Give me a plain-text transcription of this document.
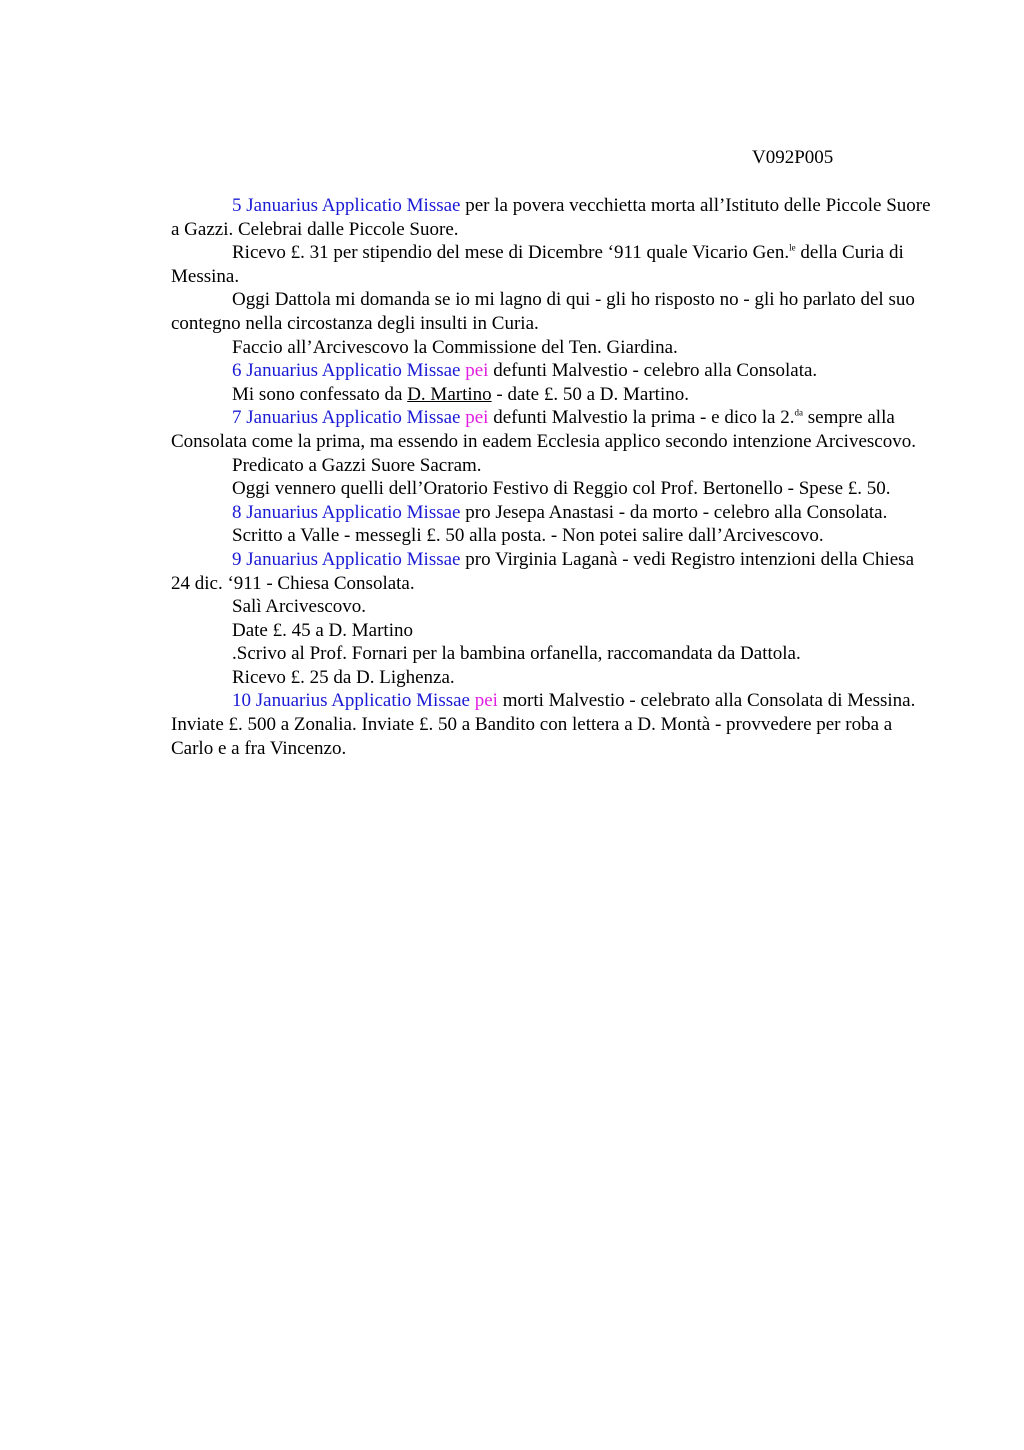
V092P005

5 Januarius Applicatio Missae per la povera vecchietta morta all’Istituto delle Piccole Suore a Gazzi. Celebrai dalle Piccole Suore.

Ricevo £. 31 per stipendio del mese di Dicembre ‘911 quale Vicario Gen.$^{le}$ della Curia di Messina.

Oggi Dattola mi domanda se io mi lagno di qui - gli ho risposto no - gli ho parlato del suo contegno nella circostanza degli insulti in Curia.

Faccio all’Arcivescovo la Commissione del Ten. Giardina.

6 Januarius Applicatio Missae pei defunti Malvestio - celebro alla Consolata.

Mi sono confessato da D. Martino - date £. 50 a D. Martino.

7 Januarius Applicatio Missae pei defunti Malvestio la prima - e dico la 2.$^{da}$ sempre alla Consolata come la prima, ma essendo in eadem Ecclesia applico secondo intenzione Arcivescovo.

Predicato a Gazzi Suore Sacram.

Oggi vennero quelli dell’Oratorio Festivo di Reggio col Prof. Bertonello - Spese £. 50.

8 Januarius Applicatio Missae pro Jesepa Anastasi - da morto - celebro alla Consolata.

Scritto a Valle - messegli £. 50 alla posta. - Non potei salire dall’Arcivescovo.

9 Januarius Applicatio Missae pro Virginia Laganà - vedi Registro intenzioni della Chiesa 24 dic. ‘911 - Chiesa Consolata.

Salì Arcivescovo.

Date £. 45 a D. Martino

.Scrivo al Prof. Fornari per la bambina orfanella, raccomandata da Dattola.

Ricevo £. 25 da D. Lighenza.

10 Januarius Applicatio Missae pei morti Malvestio - celebrato alla Consolata di Messina. Inviate £. 500 a Zonalia. Inviate £. 50 a Bandito con lettera a D. Montà - provvedere per roba a Carlo e a fra Vincenzo.
